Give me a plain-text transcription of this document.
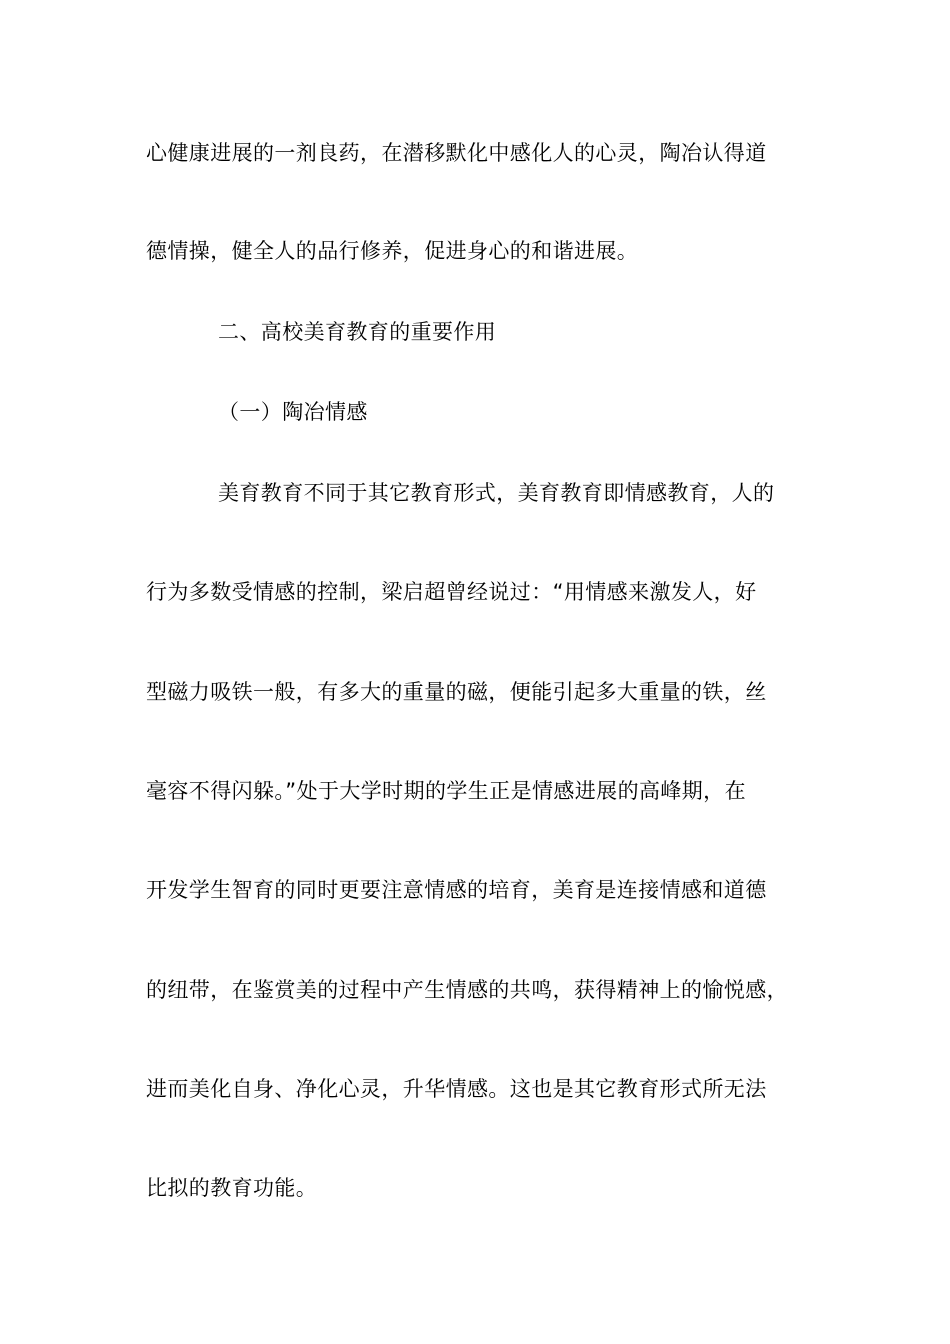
心健康进展的一剂良药，在潜移默化中感化人的心灵，陶冶认得道
德情操，健全人的品行修养，促进身心的和谐进展。
二、高校美育教育的重要作用
（一）陶冶情感
美育教育不同于其它教育形式，美育教育即情感教育，人的
行为多数受情感的控制，梁启超曾经说过：“用情感来激发人，好
型磁力吸铁一般，有多大的重量的磁，便能引起多大重量的铁，丝
毫容不得闪躲。”处于大学时期的学生正是情感进展的高峰期，在
开发学生智育的同时更要注意情感的培育，美育是连接情感和道德
的纽带，在鉴赏美的过程中产生情感的共鸣，获得精神上的愉悦感，
进而美化自身、净化心灵，升华情感。这也是其它教育形式所无法
比拟的教育功能。
